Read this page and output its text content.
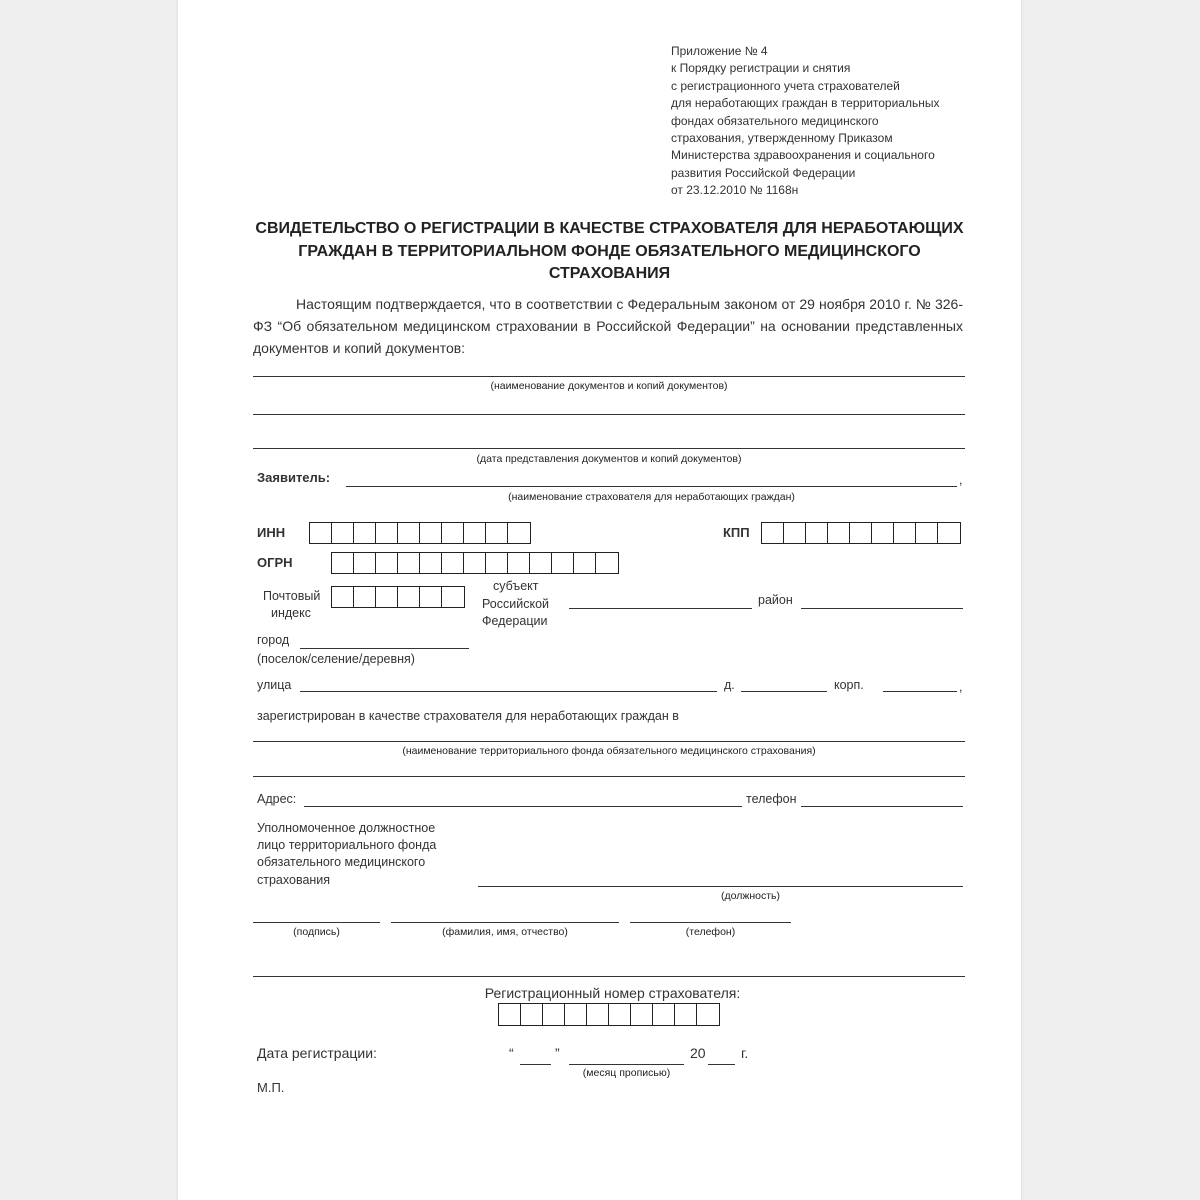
Приложение № 4
к Порядку регистрации и снятия
с регистрационного учета страхователей
для неработающих граждан в территориальных
фондах обязательного медицинского
страхования, утвержденному Приказом
Министерства здравоохранения и социального
развития Российской Федерации
от 23.12.2010 № 1168н
СВИДЕТЕЛЬСТВО О РЕГИСТРАЦИИ В КАЧЕСТВЕ СТРАХОВАТЕЛЯ ДЛЯ НЕРАБОТАЮЩИХ ГРАЖДАН В ТЕРРИТОРИАЛЬНОМ ФОНДЕ ОБЯЗАТЕЛЬНОГО МЕДИЦИНСКОГО СТРАХОВАНИЯ

Настоящим подтверждается, что в соответствии с Федеральным законом от 29 ноября 2010 г. № 326-ФЗ “Об обязательном медицинском страховании в Российской Федерации” на основании представленных документов и копий документов:

(наименование документов и копий документов)
(дата представления документов и копий документов)
Заявитель:	,
(наименование страхователя для неработающих граждан)
ИНН	КПП
ОГРН
Почтовый
индекс
субъект
Российской
Федерации
район
город
(поселок/селение/деревня)
улица	д.	корп.	,
зарегистрирован в качестве страхователя для неработающих граждан в
(наименование территориального фонда обязательного медицинского страхования)
Адрес:	телефон
Уполномоченное должностное
лицо территориального фонда
обязательного медицинского
страхования
(должность)
(подпись)	(фамилия, имя, отчество)	(телефон)
Регистрационный номер страхователя:
Дата регистрации:	“	”
(месяц прописью)
20	г.
М.П.
